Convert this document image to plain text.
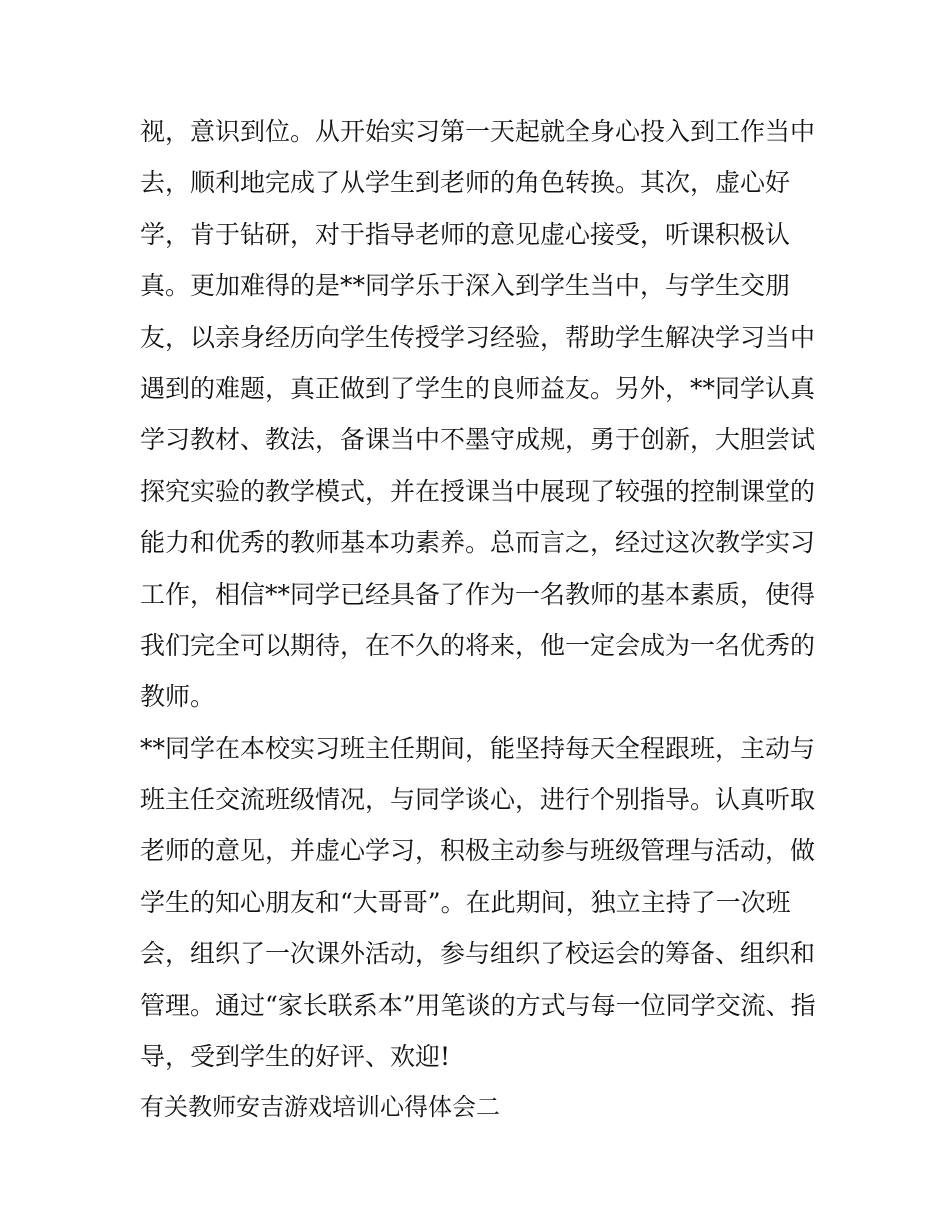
视，意识到位。从开始实习第一天起就全身心投入到工作当中
去，顺利地完成了从学生到老师的角色转换。其次，虚心好
学，肯于钻研，对于指导老师的意见虚心接受，听课积极认
真。更加难得的是**同学乐于深入到学生当中，与学生交朋
友，以亲身经历向学生传授学习经验，帮助学生解决学习当中
遇到的难题，真正做到了学生的良师益友。另外，**同学认真
学习教材、教法，备课当中不墨守成规，勇于创新，大胆尝试
探究实验的教学模式，并在授课当中展现了较强的控制课堂的
能力和优秀的教师基本功素养。总而言之，经过这次教学实习
工作，相信**同学已经具备了作为一名教师的基本素质，使得
我们完全可以期待，在不久的将来，他一定会成为一名优秀的
教师。
**同学在本校实习班主任期间，能坚持每天全程跟班，主动与
班主任交流班级情况，与同学谈心，进行个别指导。认真听取
老师的意见，并虚心学习，积极主动参与班级管理与活动，做
学生的知心朋友和“大哥哥”。在此期间，独立主持了一次班
会，组织了一次课外活动，参与组织了校运会的筹备、组织和
管理。通过“家长联系本”用笔谈的方式与每一位同学交流、指
导，受到学生的好评、欢迎!
有关教师安吉游戏培训心得体会二
